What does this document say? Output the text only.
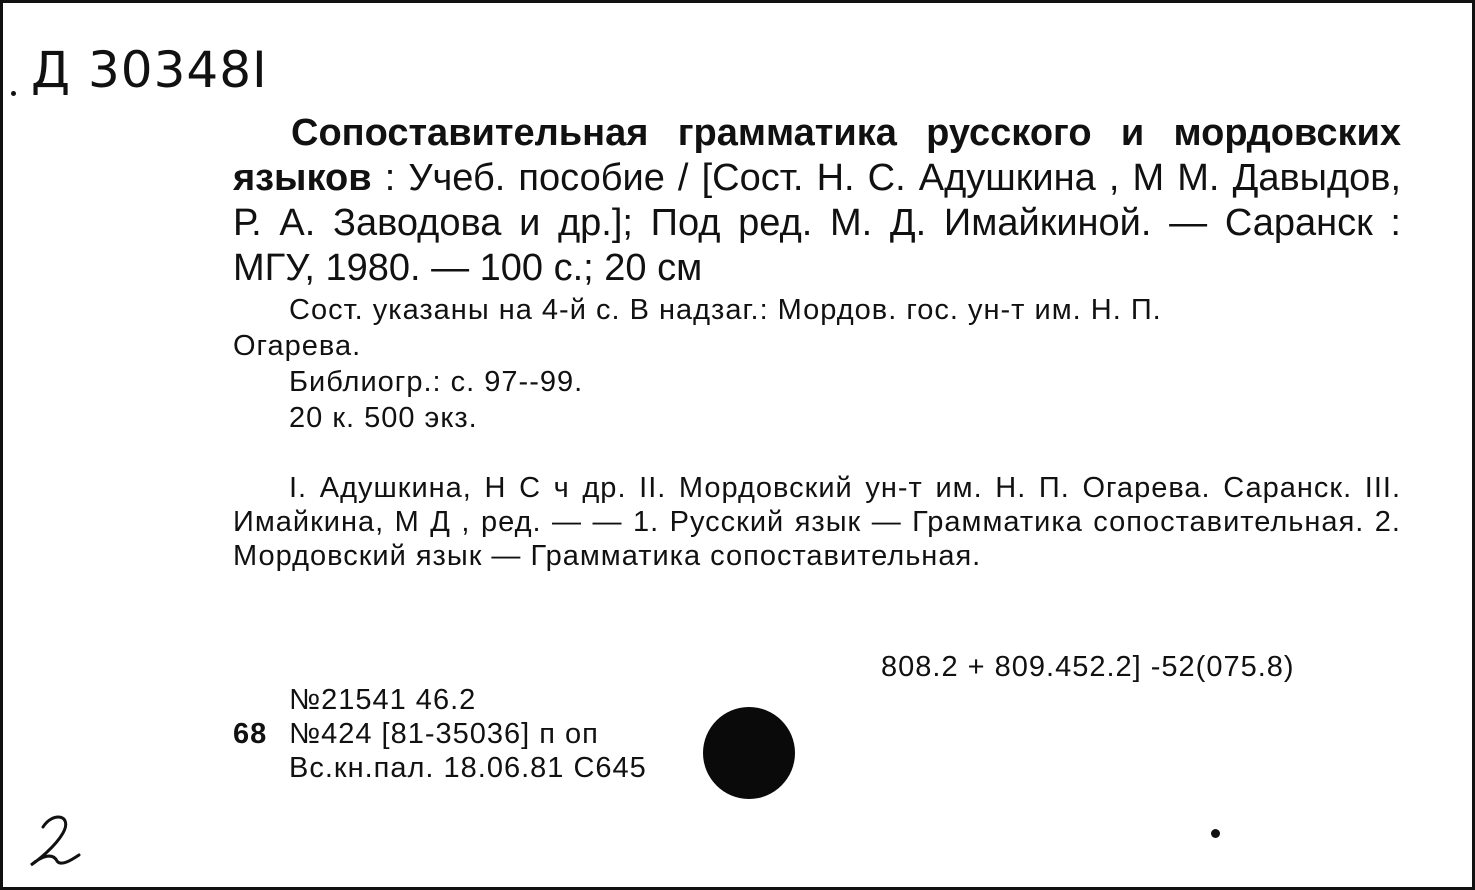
Д 30348I
Сопоставительная грамматика русского и мордовских языков : Учеб. пособие / [Сост. Н. С. Адушкина , М М. Давыдов, Р. А. Заводова и др.]; Под ред. М. Д. Имайкиной. — Саранск : МГУ, 1980. — 100 с.; 20 см
Сост. указаны на 4-й с. В надзаг.: Мордов. гос. ун-т им. Н. П.
Огарева.
Библиогр.: с. 97--99.
20 к. 500 экз.

I. Адушкина, Н С ч др. II. Мордовский ун-т им. Н. П. Огарева. Саранск. III. Имайкина, М Д , ред. — — 1. Русский язык — Грамматика сопоставительная. 2. Мордовский язык — Грамматика сопоставительная.

808.2 + 809.452.2] -52(075.8)
№21541 46.2
68 №424 [81-35036] п оп
Вс.кн.пал. 18.06.81 С645
